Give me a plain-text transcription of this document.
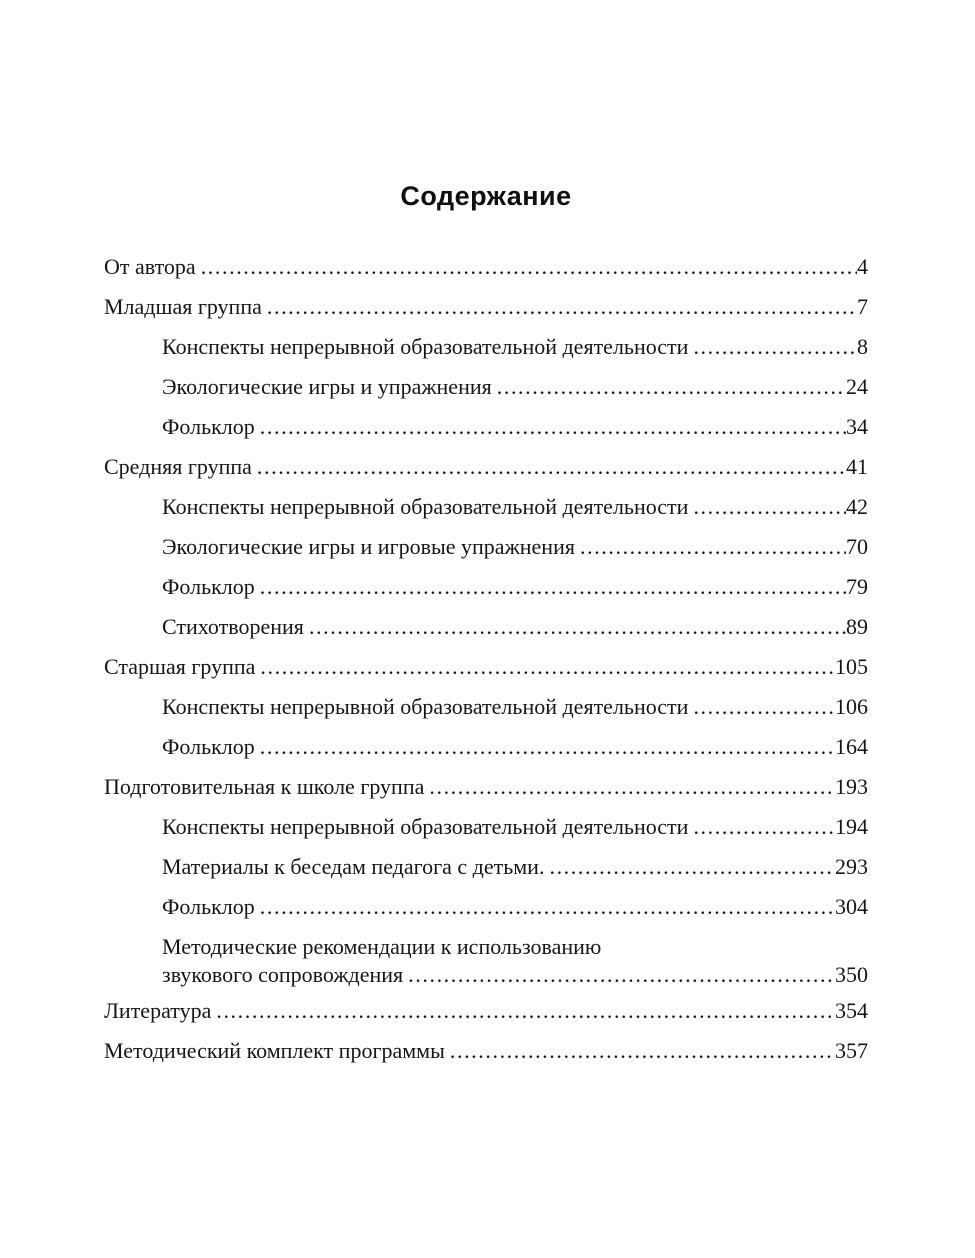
Содержание
От автора .....	4
Младшая группа .....	7
Конспекты непрерывной образовательной деятельности .....	8
Экологические игры и упражнения .....	24
Фольклор .....	34
Средняя группа .....	41
Конспекты непрерывной образовательной деятельности .....	42
Экологические игры и игровые упражнения .....	70
Фольклор .....	79
Стихотворения .....	89
Старшая группа .....	105
Конспекты непрерывной образовательной деятельности .....	106
Фольклор .....	164
Подготовительная к школе группа .....	193
Конспекты непрерывной образовательной деятельности .....	194
Материалы к беседам педагога с детьми. .....	293
Фольклор .....	304
Методические рекомендации к использованию
звукового сопровождения .....	350
Литература .....	354
Методический комплект программы .....	357
